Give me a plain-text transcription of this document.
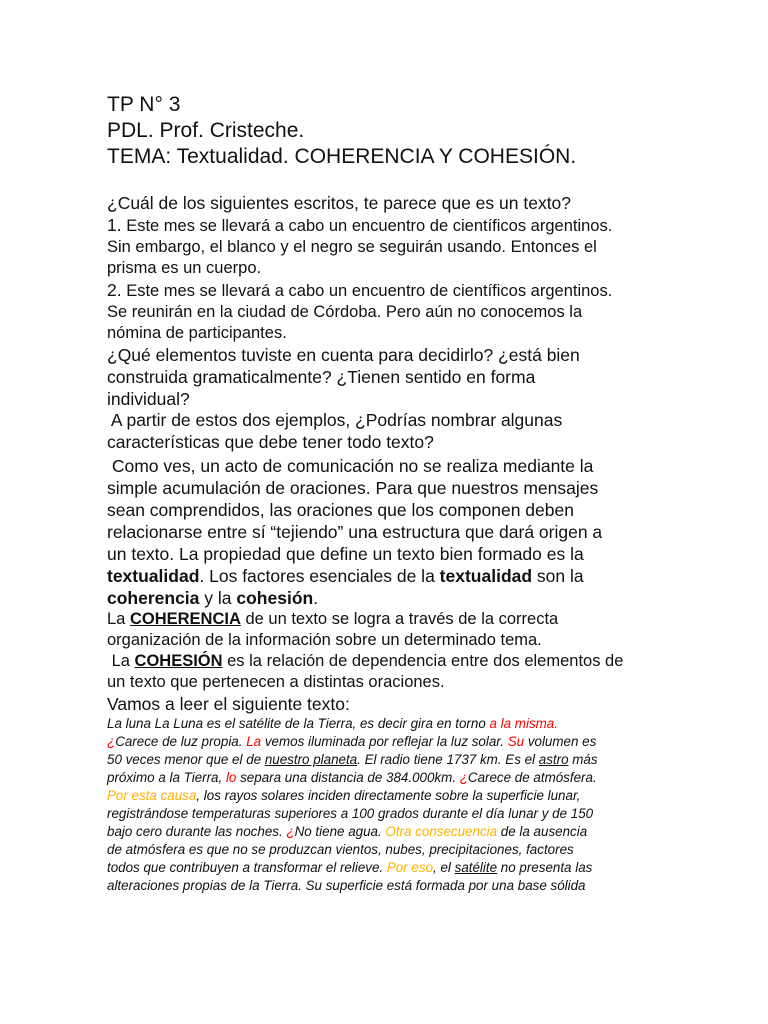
TP N° 3
PDL. Prof. Cristeche.
TEMA: Textualidad. COHERENCIA Y COHESIÓN.
¿Cuál de los siguientes escritos, te parece que es un texto?
1. Este mes se llevará a cabo un encuentro de científicos argentinos.
Sin embargo, el blanco y el negro se seguirán usando. Entonces el
prisma es un cuerpo.
2. Este mes se llevará a cabo un encuentro de científicos argentinos.
Se reunirán en la ciudad de Córdoba. Pero aún no conocemos la
nómina de participantes.
¿Qué elementos tuviste en cuenta para decidirlo? ¿está bien
construida gramaticalmente? ¿Tienen sentido en forma
individual?
A partir de estos dos ejemplos, ¿Podrías nombrar algunas
características que debe tener todo texto?
Como ves, un acto de comunicación no se realiza mediante la
simple acumulación de oraciones. Para que nuestros mensajes
sean comprendidos, las oraciones que los componen deben
relacionarse entre sí “tejiendo” una estructura que dará origen a
un texto. La propiedad que define un texto bien formado es la
textualidad. Los factores esenciales de la textualidad son la
coherencia y la cohesión.
La COHERENCIA de un texto se logra a través de la correcta
organización de la información sobre un determinado tema.
La COHESIÓN es la relación de dependencia entre dos elementos de
un texto que pertenecen a distintas oraciones.
Vamos a leer el siguiente texto:
La luna La Luna es el satélite de la Tierra, es decir gira en torno a la misma.
¿Carece de luz propia. La vemos iluminada por reflejar la luz solar. Su volumen es
50 veces menor que el de nuestro planeta. El radio tiene 1737 km. Es el astro más
próximo a la Tierra, lo separa una distancia de 384.000km. ¿Carece de atmósfera.
Por esta causa, los rayos solares inciden directamente sobre la superficie lunar,
registrándose temperaturas superiores a 100 grados durante el día lunar y de 150
bajo cero durante las noches. ¿No tiene agua. Otra consecuencia de la ausencia
de atmósfera es que no se produzcan vientos, nubes, precipitaciones, factores
todos que contribuyen a transformar el relieve. Por eso, el satélite no presenta las
alteraciones propias de la Tierra. Su superficie está formada por una base sólida
